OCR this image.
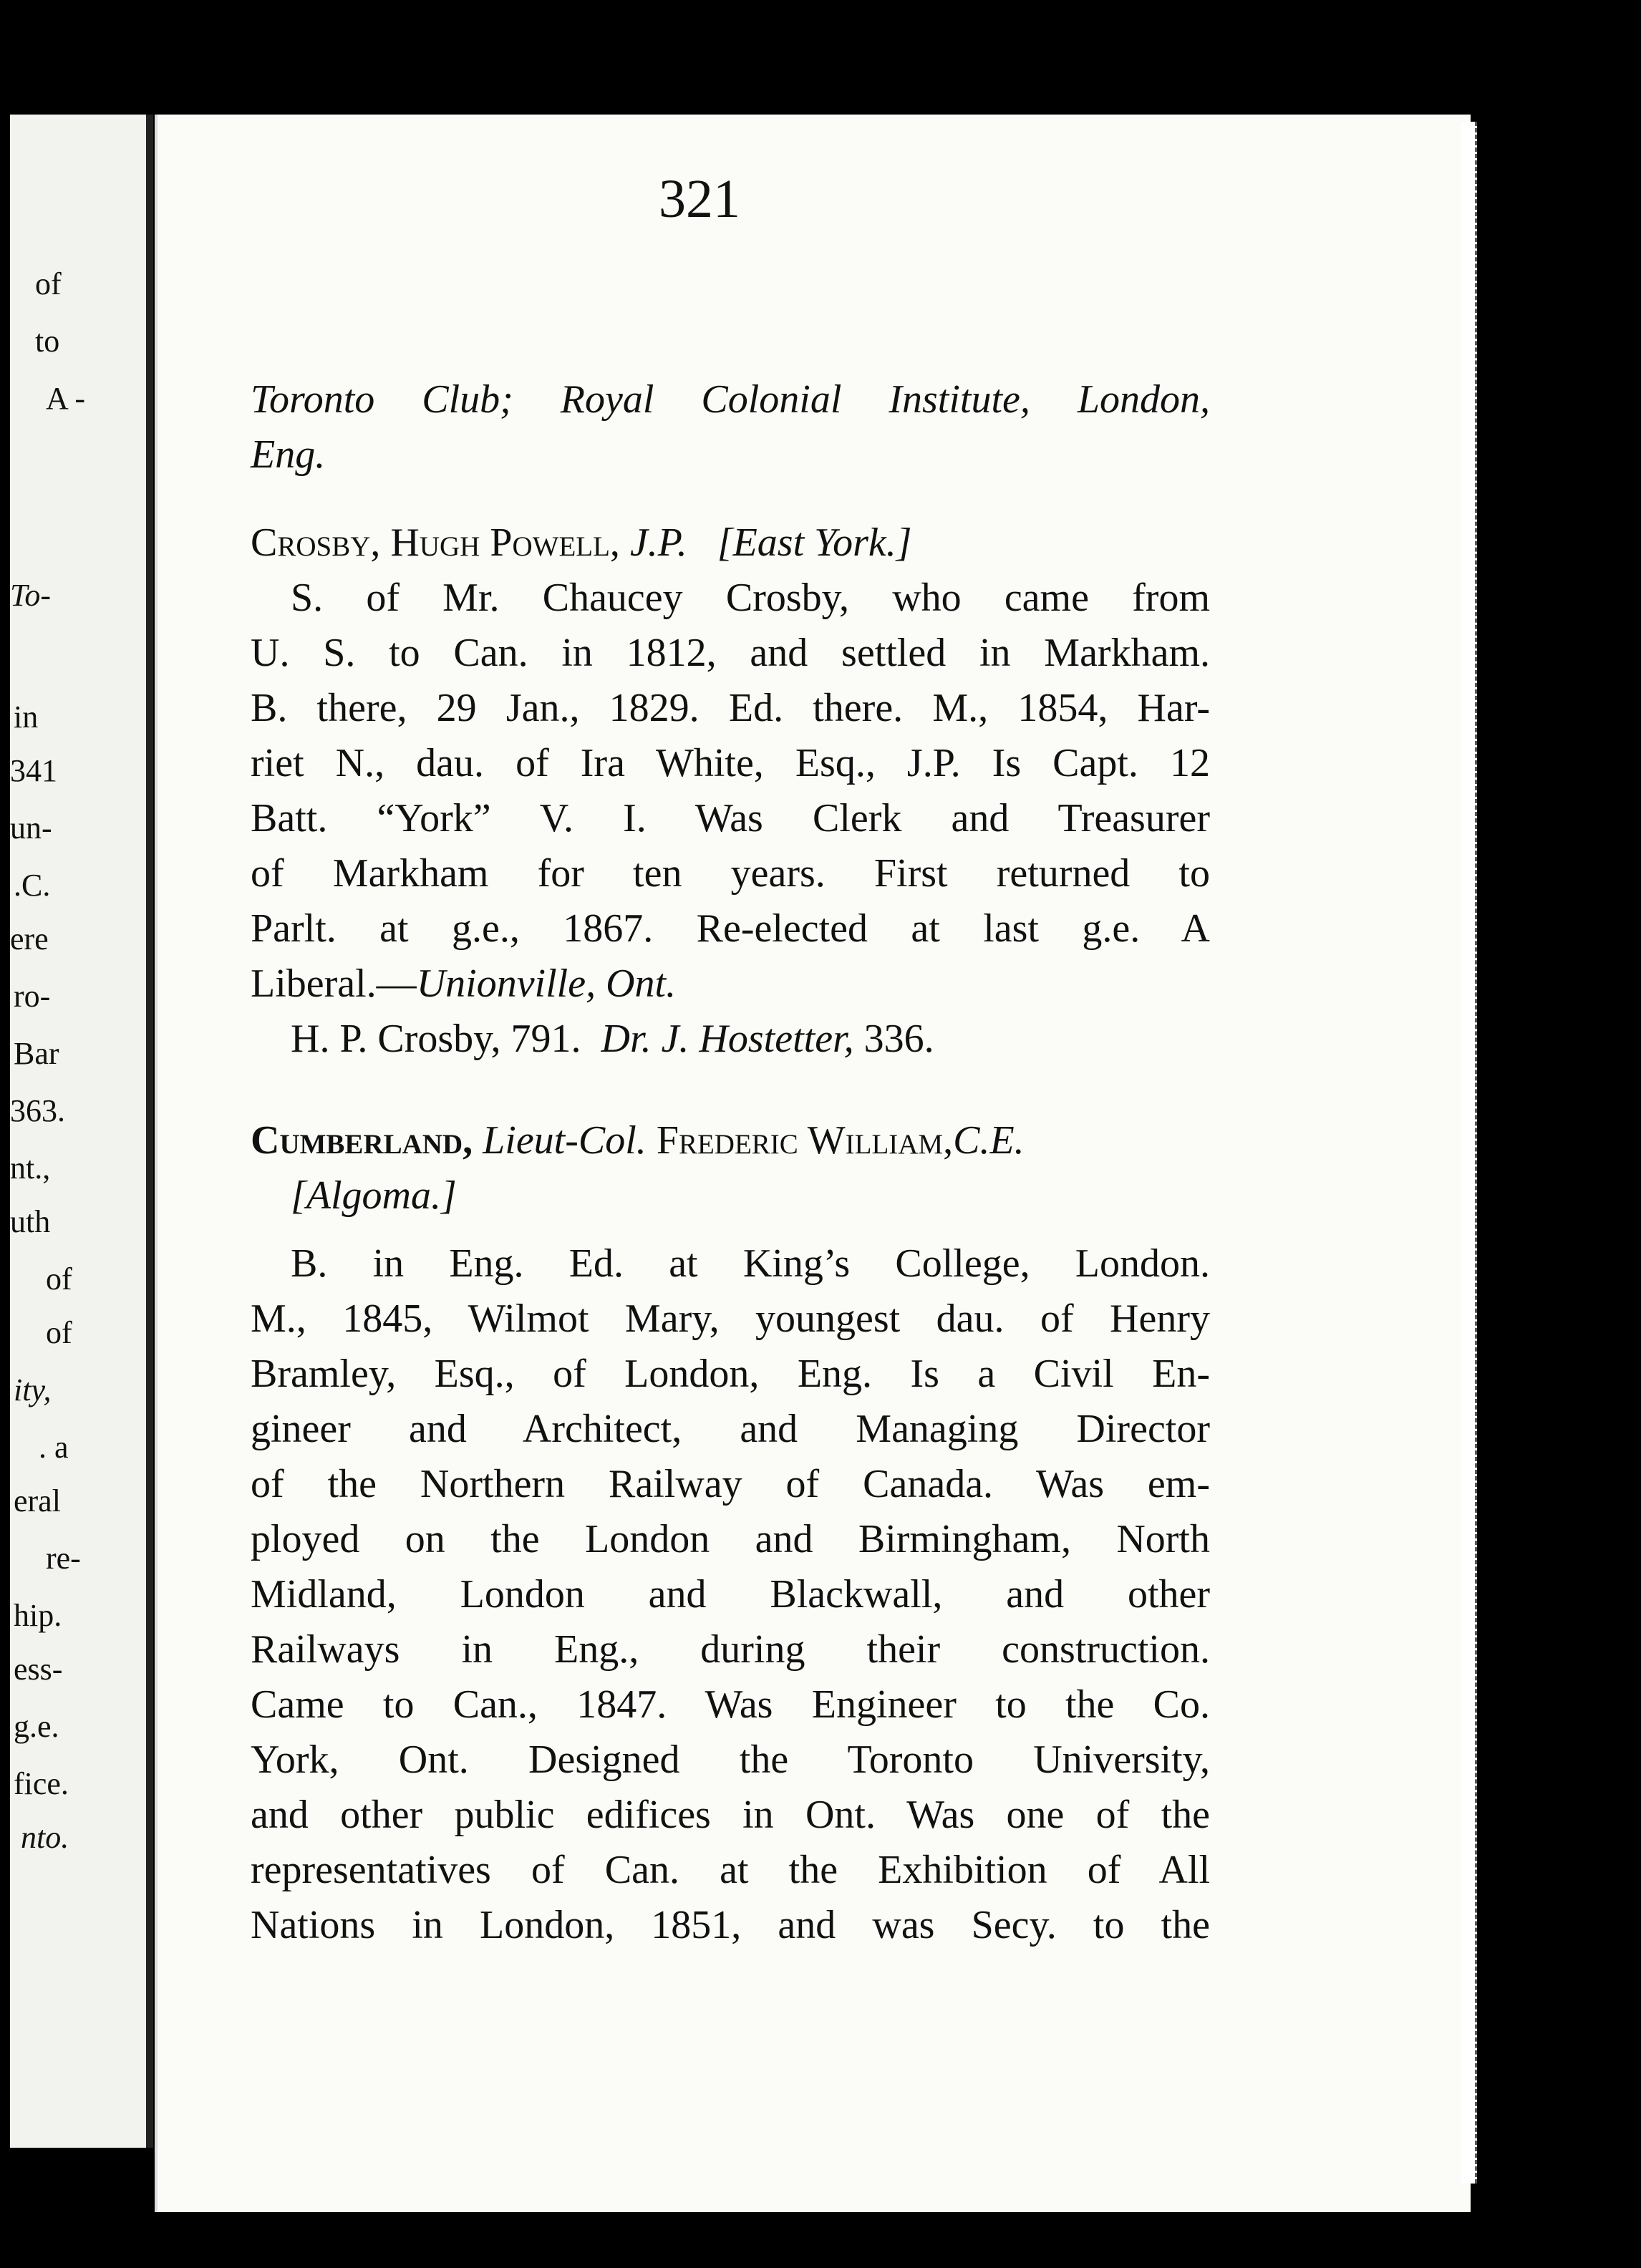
of
to
A -
To-
in
341
un-
.C.
ere
ro-
Bar
363.
nt.,
uth
of
of
ity,
. a
eral
re-
hip.
ess-
g.e.
fice.
nto.
321
Toronto Club; Royal Colonial Institute, London,
Eng.
Crosby, Hugh Powell, J.P. [East York.]
S. of Mr. Chaucey Crosby, who came from
U. S. to Can. in 1812, and settled in Markham.
B. there, 29 Jan., 1829. Ed. there. M., 1854, Har-
riet N., dau. of Ira White, Esq., J.P. Is Capt. 12
Batt. “York” V. I. Was Clerk and Treasurer
of Markham for ten years. First returned to
Parlt. at g.e., 1867. Re-elected at last g.e. A
Liberal.—Unionville, Ont.
H. P. Crosby, 791. Dr. J. Hostetter, 336.
Cumberland, Lieut-Col. Frederic William,C.E.
[Algoma.]
B. in Eng. Ed. at King’s College, London.
M., 1845, Wilmot Mary, youngest dau. of Henry
Bramley, Esq., of London, Eng. Is a Civil En-
gineer and Architect, and Managing Director
of the Northern Railway of Canada. Was em-
ployed on the London and Birmingham, North
Midland, London and Blackwall, and other
Railways in Eng., during their construction.
Came to Can., 1847. Was Engineer to the Co.
York, Ont. Designed the Toronto University,
and other public edifices in Ont. Was one of the
representatives of Can. at the Exhibition of All
Nations in London, 1851, and was Secy. to the
